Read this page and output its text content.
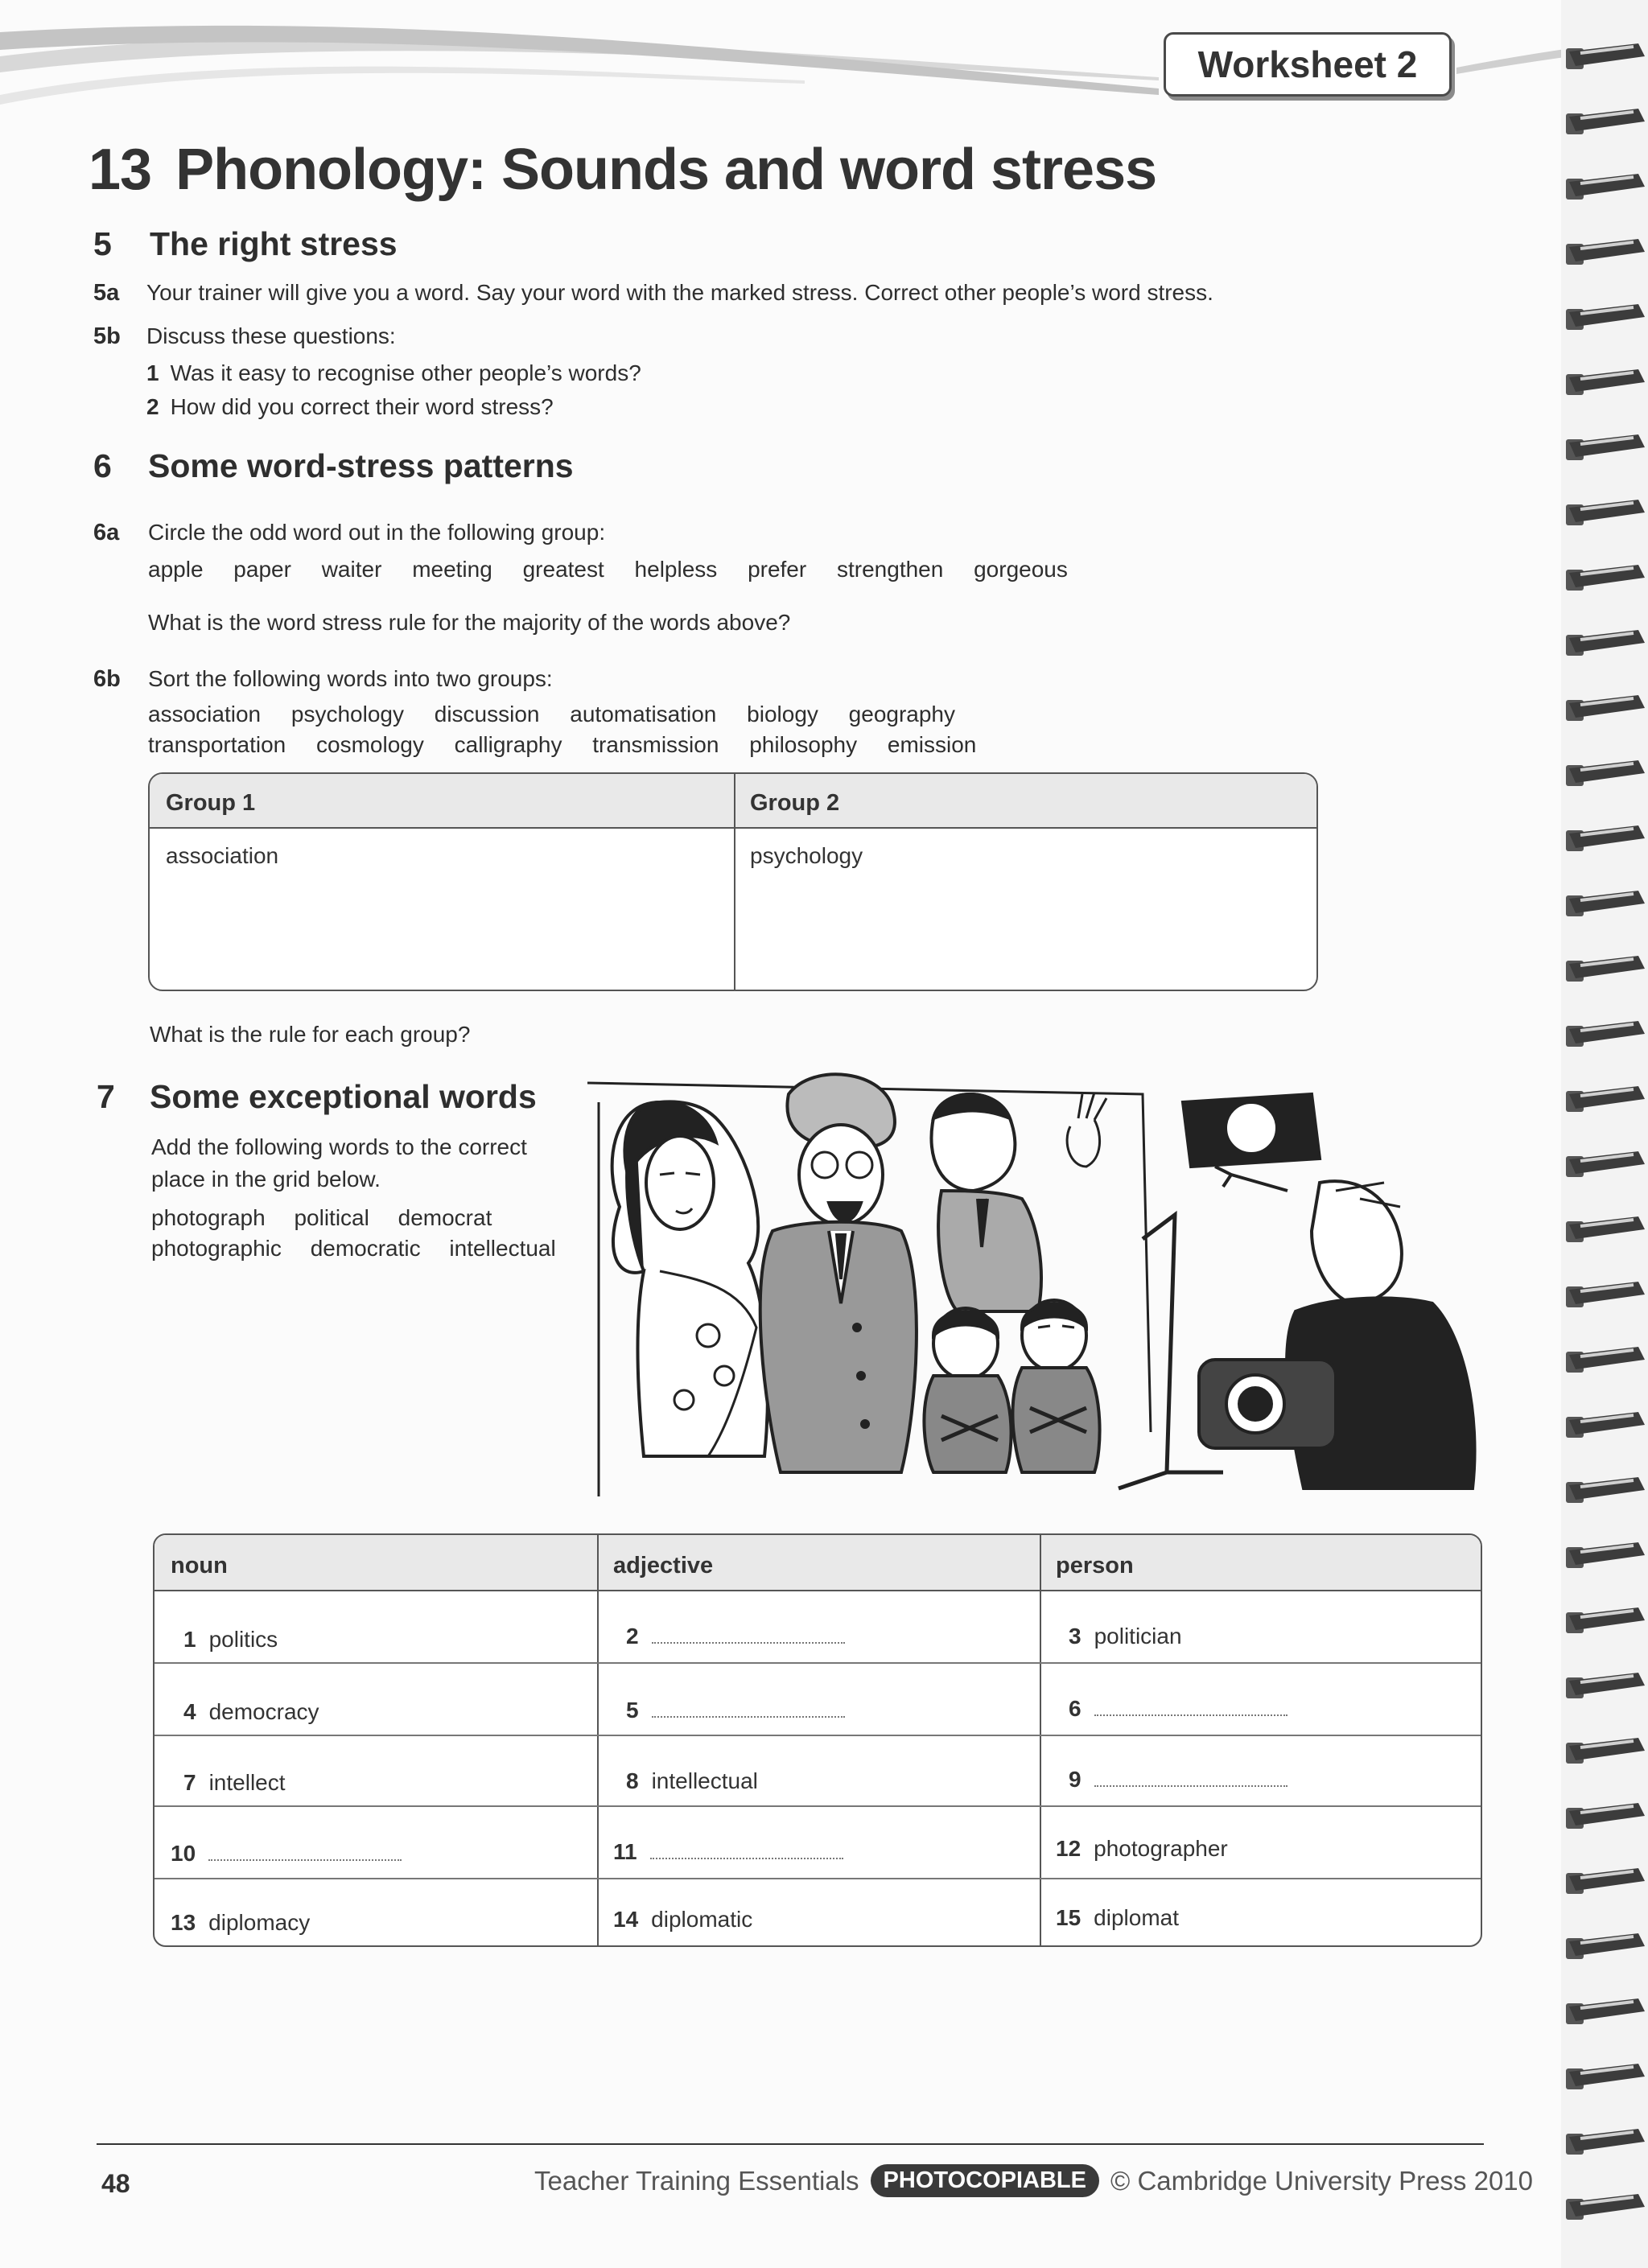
Worksheet 2
13 Phonology: Sounds and word stress
5 The right stress
5a Your trainer will give you a word. Say your word with the marked stress. Correct other people’s word stress.
5b Discuss these questions:
1 Was it easy to recognise other people’s words?
2 How did you correct their word stress?
6 Some word-stress patterns
6a Circle the odd word out in the following group:
apple paper waiter meeting greatest helpless prefer strengthen gorgeous
What is the word stress rule for the majority of the words above?
6b Sort the following words into two groups:
association psychology discussion automatisation biology geography
transportation cosmology calligraphy transmission philosophy emission
Group 1	Group 2
association	psychology
What is the rule for each group?
7 Some exceptional words
Add the following words to the correct
place in the grid below.
photograph political democrat
photographic democratic intellectual
noun	adjective	person
1 politics	2	3 politician
4 democracy	5	6
7 intellect	8 intellectual	9
10	11	12 photographer
13 diplomacy	14 diplomatic	15 diplomat
48	Teacher Training Essentials	PHOTOCOPIABLE © Cambridge University Press 2010
